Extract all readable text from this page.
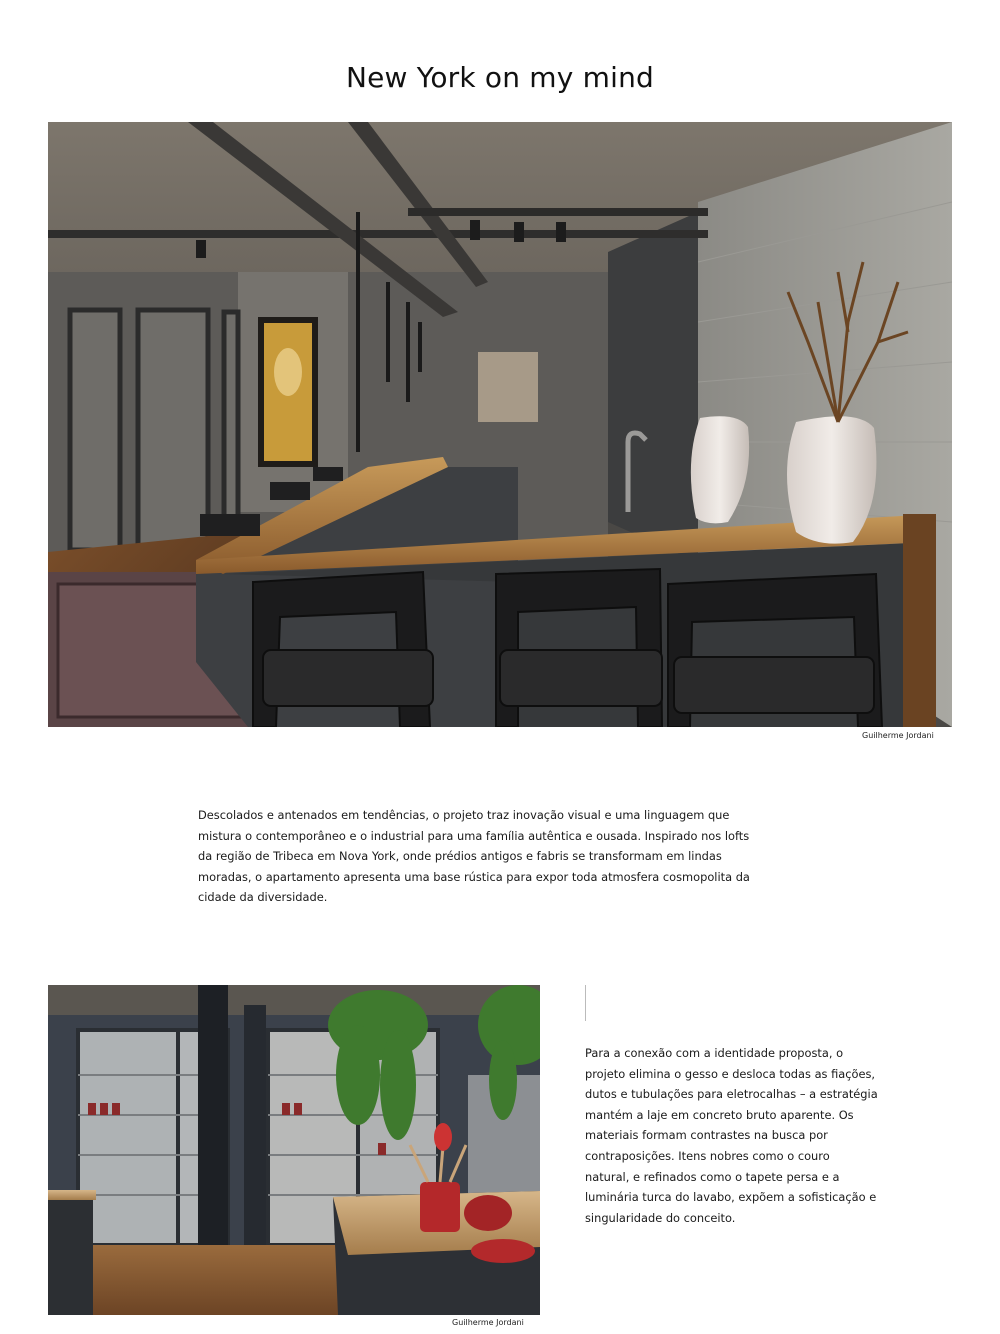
New York on my mind
Guilherme Jordani

Descolados e antenados em tendências, o projeto traz inovação visual e uma linguagem que

mistura o contemporâneo e o industrial para uma família autêntica e ousada. Inspirado nos lofts

da região de Tribeca em Nova York, onde prédios antigos e fabris se transformam em lindas

moradas, o apartamento apresenta uma base rústica para expor toda atmosfera cosmopolita da

cidade da diversidade.

Guilherme Jordani

Para a conexão com a identidade proposta, o

projeto elimina o gesso e desloca todas as fiações,

dutos e tubulações para eletrocalhas – a estratégia

mantém a laje em concreto bruto aparente. Os

materiais formam contrastes na busca por

contraposições. Itens nobres como o couro

natural, e refinados como o tapete persa e a

luminária turca do lavabo, expõem a sofisticação e

singularidade do conceito.
